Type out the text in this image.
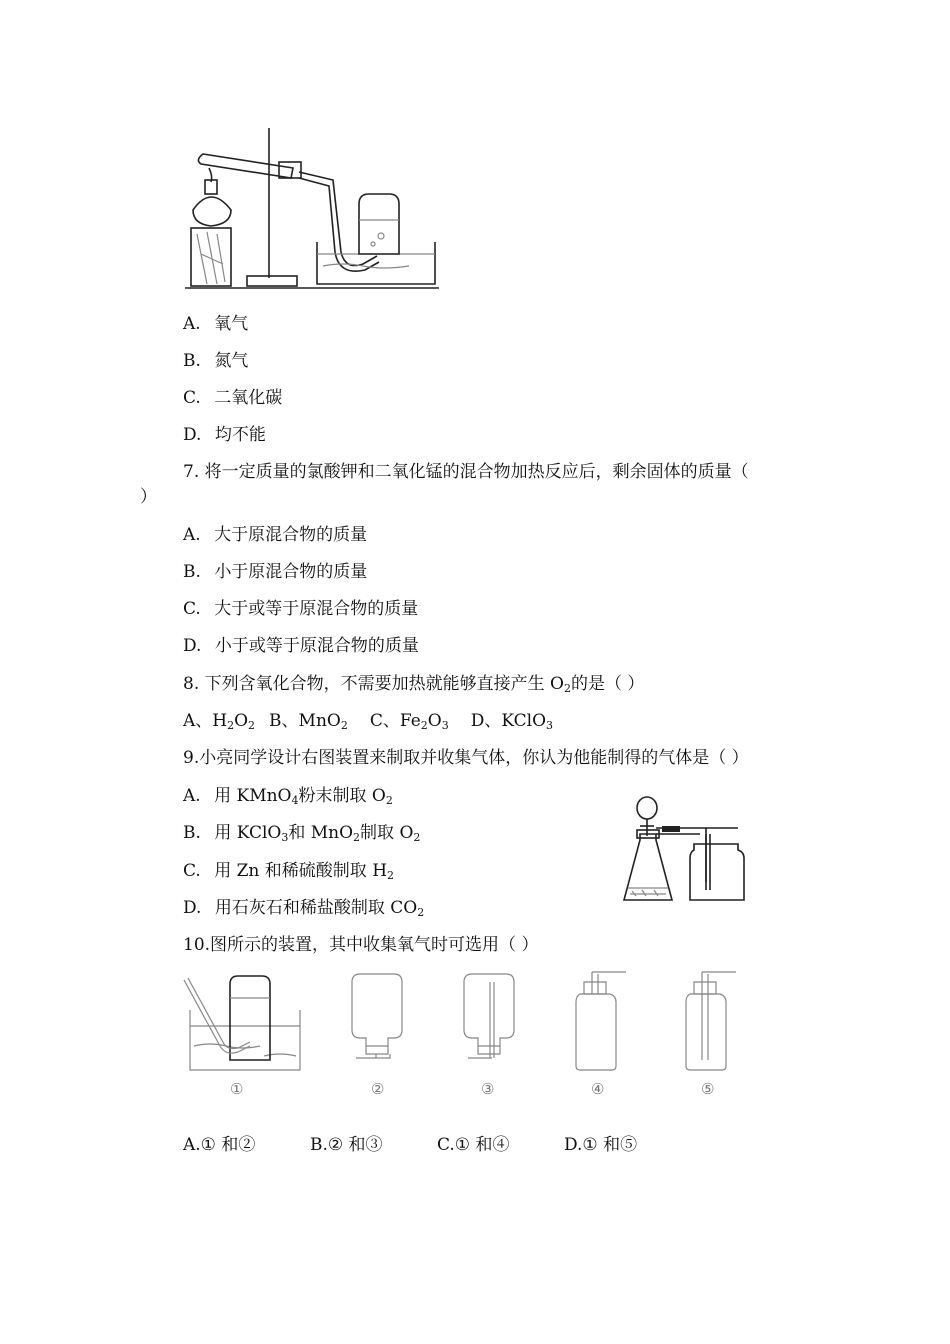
A. 氧气
B. 氮气
C. 二氧化碳
D. 均不能
7. 将一定质量的氯酸钾和二氧化锰的混合物加热反应后，剩余固体的质量（
）
A. 大于原混合物的质量
B. 小于原混合物的质量
C. 大于或等于原混合物的质量
D. 小于或等于原混合物的质量
8. 下列含氧化合物，不需要加热就能够直接产生 $O_2$的是（ ）
A、$H_2O_2$ B、MnO$_2$ C、$Fe_2O_3$ D、KClO$_3$
9.小亮同学设计右图装置来制取并收集气体，你认为他能制得的气体是（ ）
A. 用 KMnO$_4$粉末制取 $O_2$
B. 用 KClO$_3$和 MnO$_2$制取 $O_2$
C. 用 Zn 和稀硫酸制取 $H_2$
D. 用石灰石和稀盐酸制取 $CO_2$
10.图所示的装置，其中收集氧气时可选用（ ）
①	②	③	④	⑤
A.① 和②	B.② 和③	C.① 和④	D.① 和⑤
